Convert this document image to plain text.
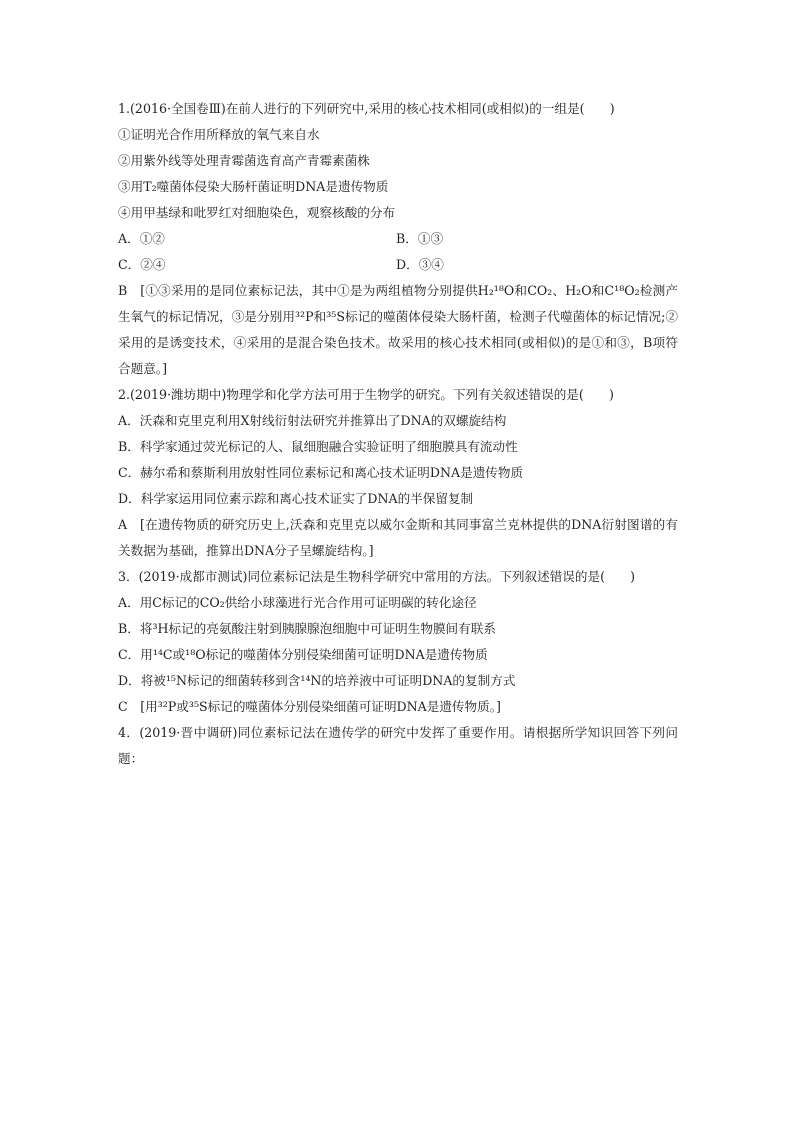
1.(2016·全国卷Ⅲ)在前人进行的下列研究中,采用的核心技术相同(或相似)的一组是(　　)

①证明光合作用所释放的氧气来自水

②用紫外线等处理青霉菌选育高产青霉素菌株

③用T₂噬菌体侵染大肠杆菌证明DNA是遗传物质

④用甲基绿和吡罗红对细胞染色，观察核酸的分布

A．①②	B．①③
C．②④	D．③④
B　[①③采用的是同位素标记法，其中①是为两组植物分别提供H₂¹⁸O和CO₂、H₂O和C¹⁸O₂检测产生氧气的标记情况，③是分别用³²P和³⁵S标记的噬菌体侵染大肠杆菌，检测子代噬菌体的标记情况;②采用的是诱变技术，④采用的是混合染色技术。故采用的核心技术相同(或相似)的是①和③，B项符合题意。]
2.(2019·潍坊期中)物理学和化学方法可用于生物学的研究。下列有关叙述错误的是(　　)

A．沃森和克里克利用X射线衍射法研究并推算出了DNA的双螺旋结构

B．科学家通过荧光标记的人、鼠细胞融合实验证明了细胞膜具有流动性

C．赫尔希和蔡斯利用放射性同位素标记和离心技术证明DNA是遗传物质

D．科学家运用同位素示踪和离心技术证实了DNA的半保留复制

A　[在遗传物质的研究历史上,沃森和克里克以威尔金斯和其同事富兰克林提供的DNA衍射图谱的有关数据为基础，推算出DNA分子呈螺旋结构。]
3．(2019·成都市测试)同位素标记法是生物科学研究中常用的方法。下列叙述错误的是(　　)

A．用C标记的CO₂供给小球藻进行光合作用可证明碳的转化途径

B．将³H标记的亮氨酸注射到胰腺腺泡细胞中可证明生物膜间有联系

C．用¹⁴C或¹⁸O标记的噬菌体分别侵染细菌可证明DNA是遗传物质

D．将被¹⁵N标记的细菌转移到含¹⁴N的培养液中可证明DNA的复制方式

C　[用³²P或³⁵S标记的噬菌体分别侵染细菌可证明DNA是遗传物质。]
4．(2019·晋中调研)同位素标记法在遗传学的研究中发挥了重要作用。请根据所学知识回答下列问题：
